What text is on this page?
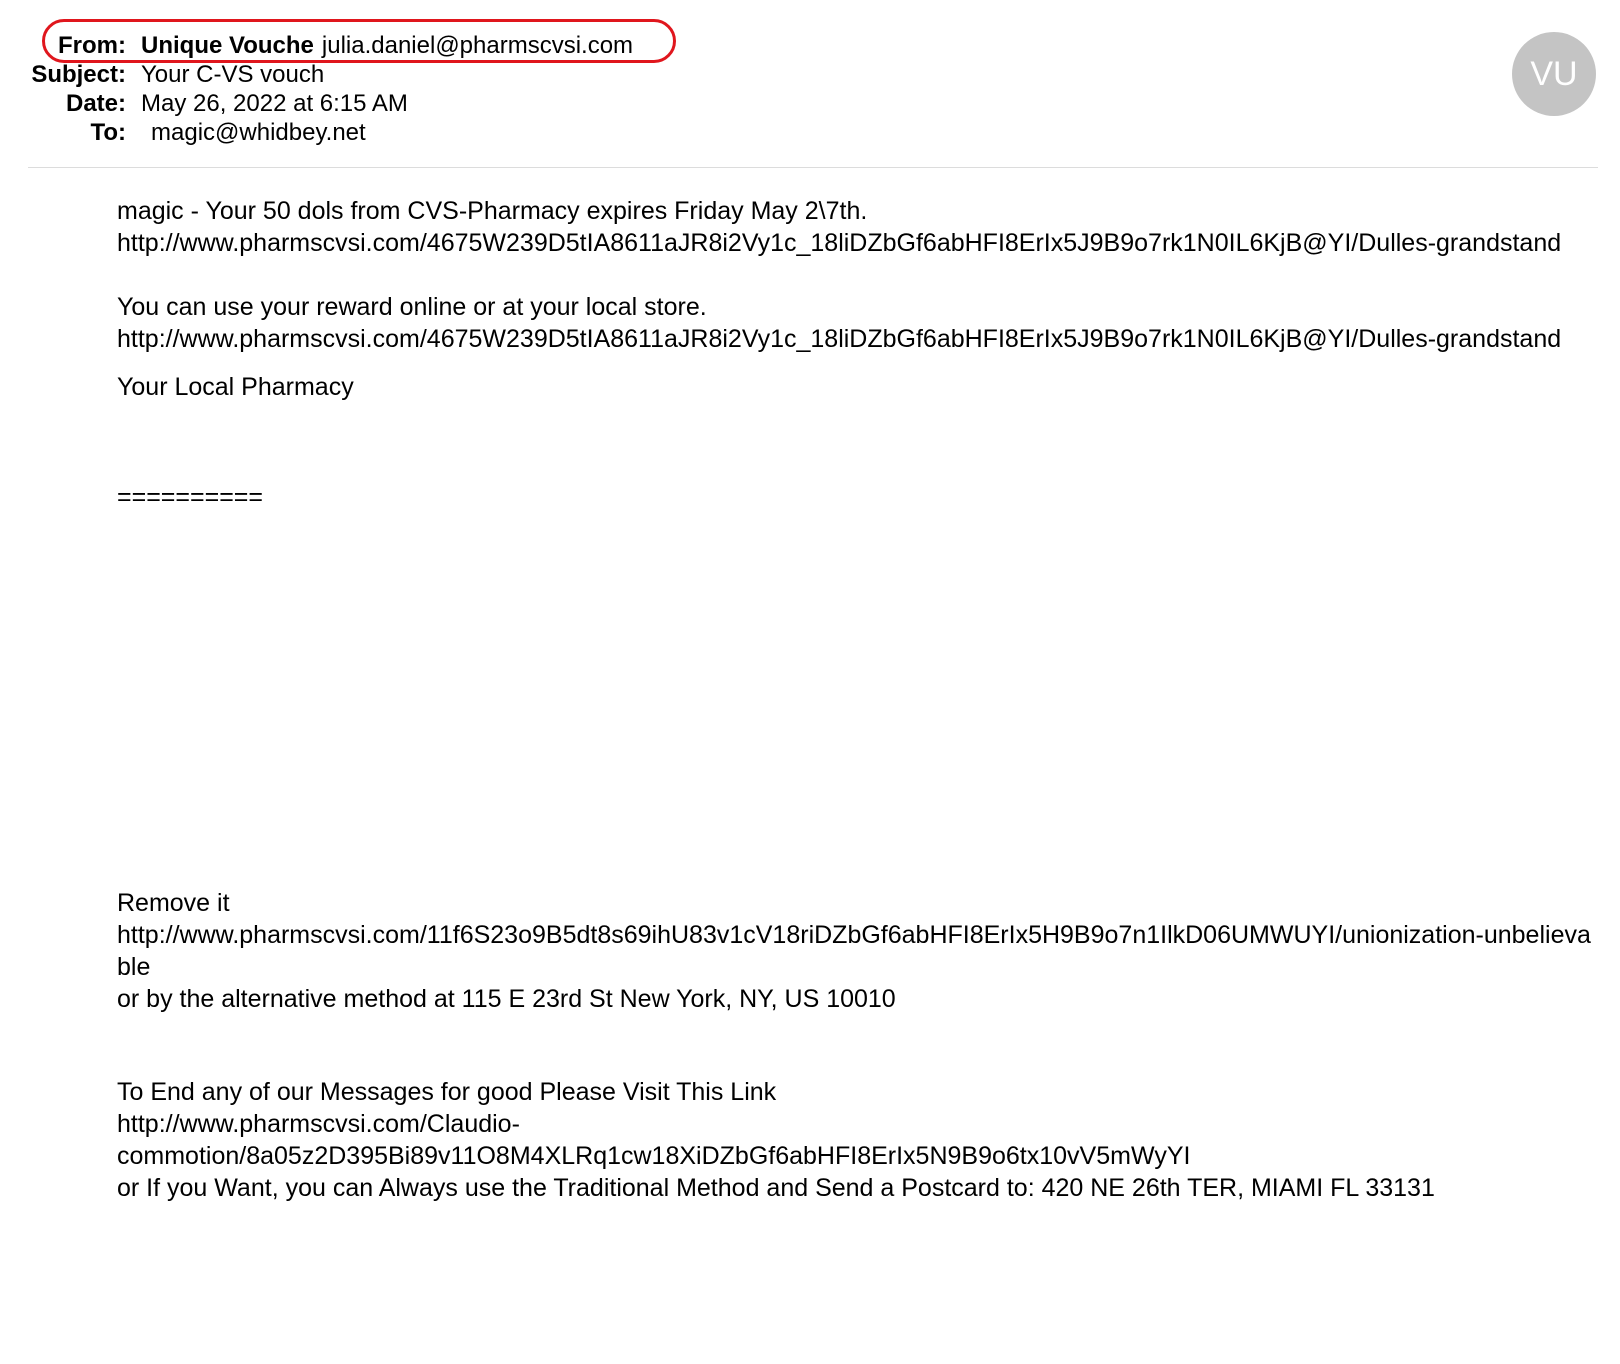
From: Unique Vouche julia.daniel@pharmscvsi.com
Subject: Your C-VS vouch
Date: May 26, 2022 at 6:15 AM
To: magic@whidbey.net
VU

magic - Your 50 dols from CVS-Pharmacy expires Friday May 2\7th.
http://www.pharmscvsi.com/4675W239D5tIA8611aJR8i2Vy1c_18liDZbGf6abHFI8ErIx5J9B9o7rk1N0IL6KjB@YI/Dulles-grandstand

You can use your reward online or at your local store.
http://www.pharmscvsi.com/4675W239D5tIA8611aJR8i2Vy1c_18liDZbGf6abHFI8ErIx5J9B9o7rk1N0IL6KjB@YI/Dulles-grandstand

Your Local Pharmacy

==========

Remove it
http://www.pharmscvsi.com/11f6S23o9B5dt8s69ihU83v1cV18riDZbGf6abHFI8ErIx5H9B9o7n1IlkD06UMWUYI/unionization-unbelievable
or by the alternative method at 115 E 23rd St New York, NY, US 10010

To End any of our Messages for good Please Visit This Link
http://www.pharmscvsi.com/Claudio-
commotion/8a05z2D395Bi89v11O8M4XLRq1cw18XiDZbGf6abHFI8ErIx5N9B9o6tx10vV5mWyYI
or If you Want, you can Always use the Traditional Method and Send a Postcard to: 420 NE 26th TER, MIAMI FL 33131
